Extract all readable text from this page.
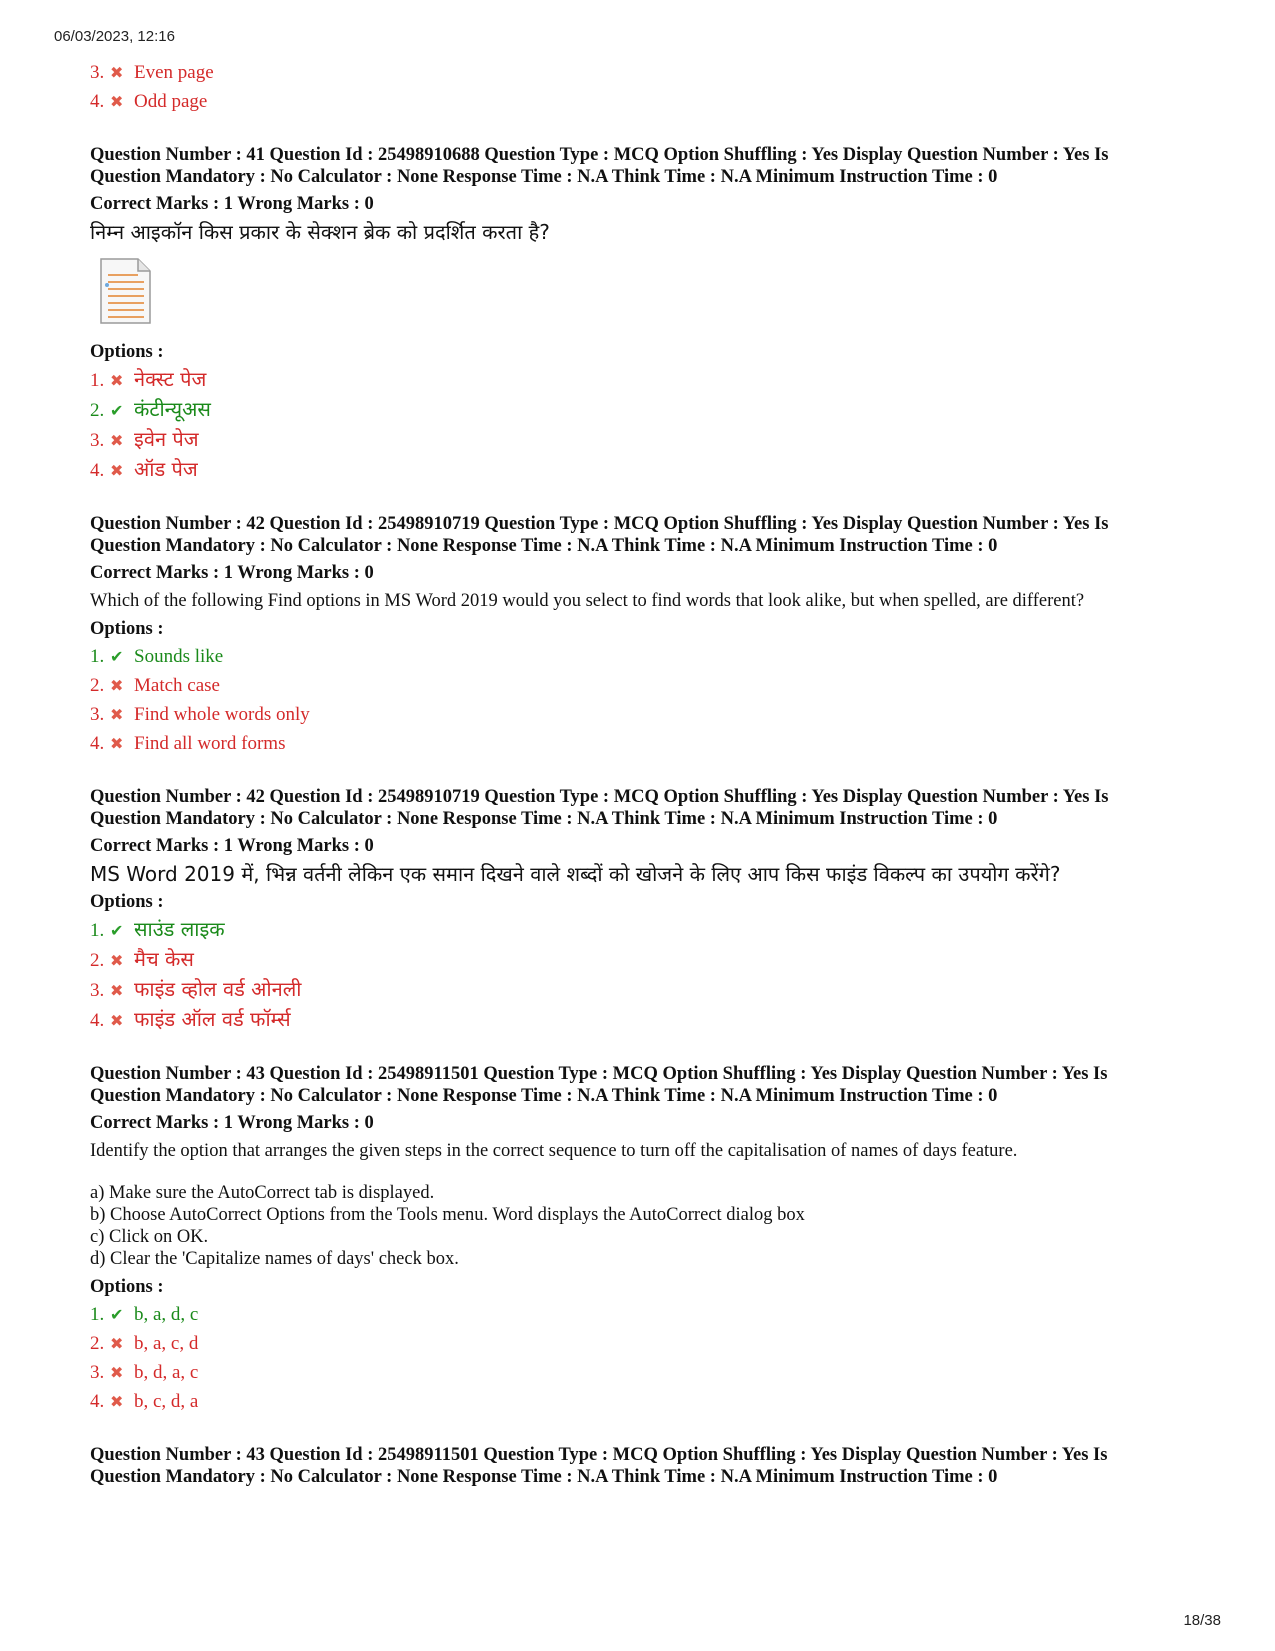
06/03/2023, 12:16
3. ✖ Even page
4. ✖ Odd page

Question Number : 41 Question Id : 25498910688 Question Type : MCQ Option Shuffling : Yes Display Question Number : Yes Is

Question Mandatory : No Calculator : None Response Time : N.A Think Time : N.A Minimum Instruction Time : 0

Correct Marks : 1 Wrong Marks : 0

निम्न आइकॉन किस प्रकार के सेक्शन ब्रेक को प्रदर्शित करता है?

Options :

1. ✖ नेक्स्ट पेज
2. ✔ कंटीन्यूअस
3. ✖ इवेन पेज
4. ✖ ऑड पेज

Question Number : 42 Question Id : 25498910719 Question Type : MCQ Option Shuffling : Yes Display Question Number : Yes Is

Question Mandatory : No Calculator : None Response Time : N.A Think Time : N.A Minimum Instruction Time : 0

Correct Marks : 1 Wrong Marks : 0

Which of the following Find options in MS Word 2019 would you select to find words that look alike, but when spelled, are different?

Options :

1. ✔ Sounds like
2. ✖ Match case
3. ✖ Find whole words only
4. ✖ Find all word forms

Question Number : 42 Question Id : 25498910719 Question Type : MCQ Option Shuffling : Yes Display Question Number : Yes Is

Question Mandatory : No Calculator : None Response Time : N.A Think Time : N.A Minimum Instruction Time : 0

Correct Marks : 1 Wrong Marks : 0

MS Word 2019 में, भिन्न वर्तनी लेकिन एक समान दिखने वाले शब्दों को खोजने के लिए आप किस फाइंड विकल्प का उपयोग करेंगे?

Options :

1. ✔ साउंड लाइक
2. ✖ मैच केस
3. ✖ फाइंड व्होल वर्ड ओनली
4. ✖ फाइंड ऑल वर्ड फॉर्म्स

Question Number : 43 Question Id : 25498911501 Question Type : MCQ Option Shuffling : Yes Display Question Number : Yes Is

Question Mandatory : No Calculator : None Response Time : N.A Think Time : N.A Minimum Instruction Time : 0

Correct Marks : 1 Wrong Marks : 0

Identify the option that arranges the given steps in the correct sequence to turn off the capitalisation of names of days feature.

a) Make sure the AutoCorrect tab is displayed.
b) Choose AutoCorrect Options from the Tools menu. Word displays the AutoCorrect dialog box
c) Click on OK.
d) Clear the 'Capitalize names of days' check box.

Options :

1. ✔ b, a, d, c
2. ✖ b, a, c, d
3. ✖ b, d, a, c
4. ✖ b, c, d, a

Question Number : 43 Question Id : 25498911501 Question Type : MCQ Option Shuffling : Yes Display Question Number : Yes Is

Question Mandatory : No Calculator : None Response Time : N.A Think Time : N.A Minimum Instruction Time : 0

18/38
